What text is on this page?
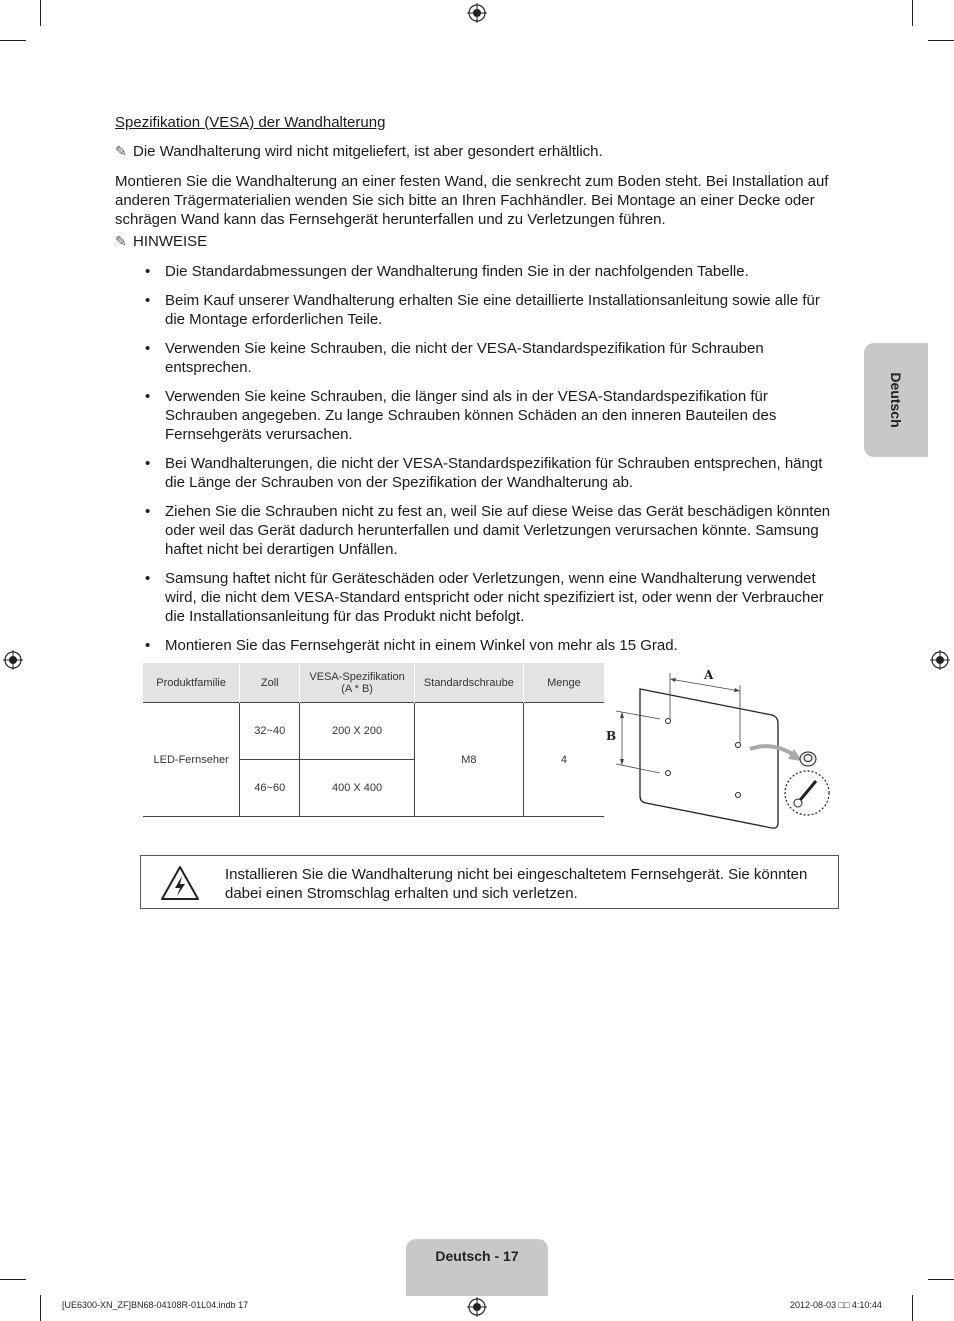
Deutsch
Spezifikation (VESA) der Wandhalterung
✎ Die Wandhalterung wird nicht mitgeliefert, ist aber gesondert erhältlich.
Montieren Sie die Wandhalterung an einer festen Wand, die senkrecht zum Boden steht. Bei Installation auf anderen Trägermaterialien wenden Sie sich bitte an Ihren Fachhändler. Bei Montage an einer Decke oder schrägen Wand kann das Fernsehgerät herunterfallen und zu Verletzungen führen.
✎ HINWEISE
• Die Standardabmessungen der Wandhalterung finden Sie in der nachfolgenden Tabelle.
• Beim Kauf unserer Wandhalterung erhalten Sie eine detaillierte Installationsanleitung sowie alle für die Montage erforderlichen Teile.
• Verwenden Sie keine Schrauben, die nicht der VESA-Standardspezifikation für Schrauben entsprechen.
• Verwenden Sie keine Schrauben, die länger sind als in der VESA-Standardspezifikation für Schrauben angegeben. Zu lange Schrauben können Schäden an den inneren Bauteilen des Fernsehgeräts verursachen.
• Bei Wandhalterungen, die nicht der VESA-Standardspezifikation für Schrauben entsprechen, hängt die Länge der Schrauben von der Spezifikation der Wandhalterung ab.
• Ziehen Sie die Schrauben nicht zu fest an, weil Sie auf diese Weise das Gerät beschädigen könnten oder weil das Gerät dadurch herunterfallen und damit Verletzungen verursachen könnte. Samsung haftet nicht bei derartigen Unfällen.
• Samsung haftet nicht für Geräteschäden oder Verletzungen, wenn eine Wandhalterung verwendet wird, die nicht dem VESA-Standard entspricht oder nicht spezifiziert ist, oder wenn der Verbraucher die Installationsanleitung für das Produkt nicht befolgt.
• Montieren Sie das Fernsehgerät nicht in einem Winkel von mehr als 15 Grad.
Produktfamilie	Zoll	VESA-Spezifikation (A * B)	Standardschraube	Menge
LED-Fernseher	32~40	200 X 200	M8	4
	46~60	400 X 400		
A
B
Installieren Sie die Wandhalterung nicht bei eingeschaltetem Fernsehgerät. Sie könnten dabei einen Stromschlag erhalten und sich verletzen.
Deutsch - 17
[UE6300-XN_ZF]BN68-04108R-01L04.indb 17	2012-08-03 □□ 4:10:44
